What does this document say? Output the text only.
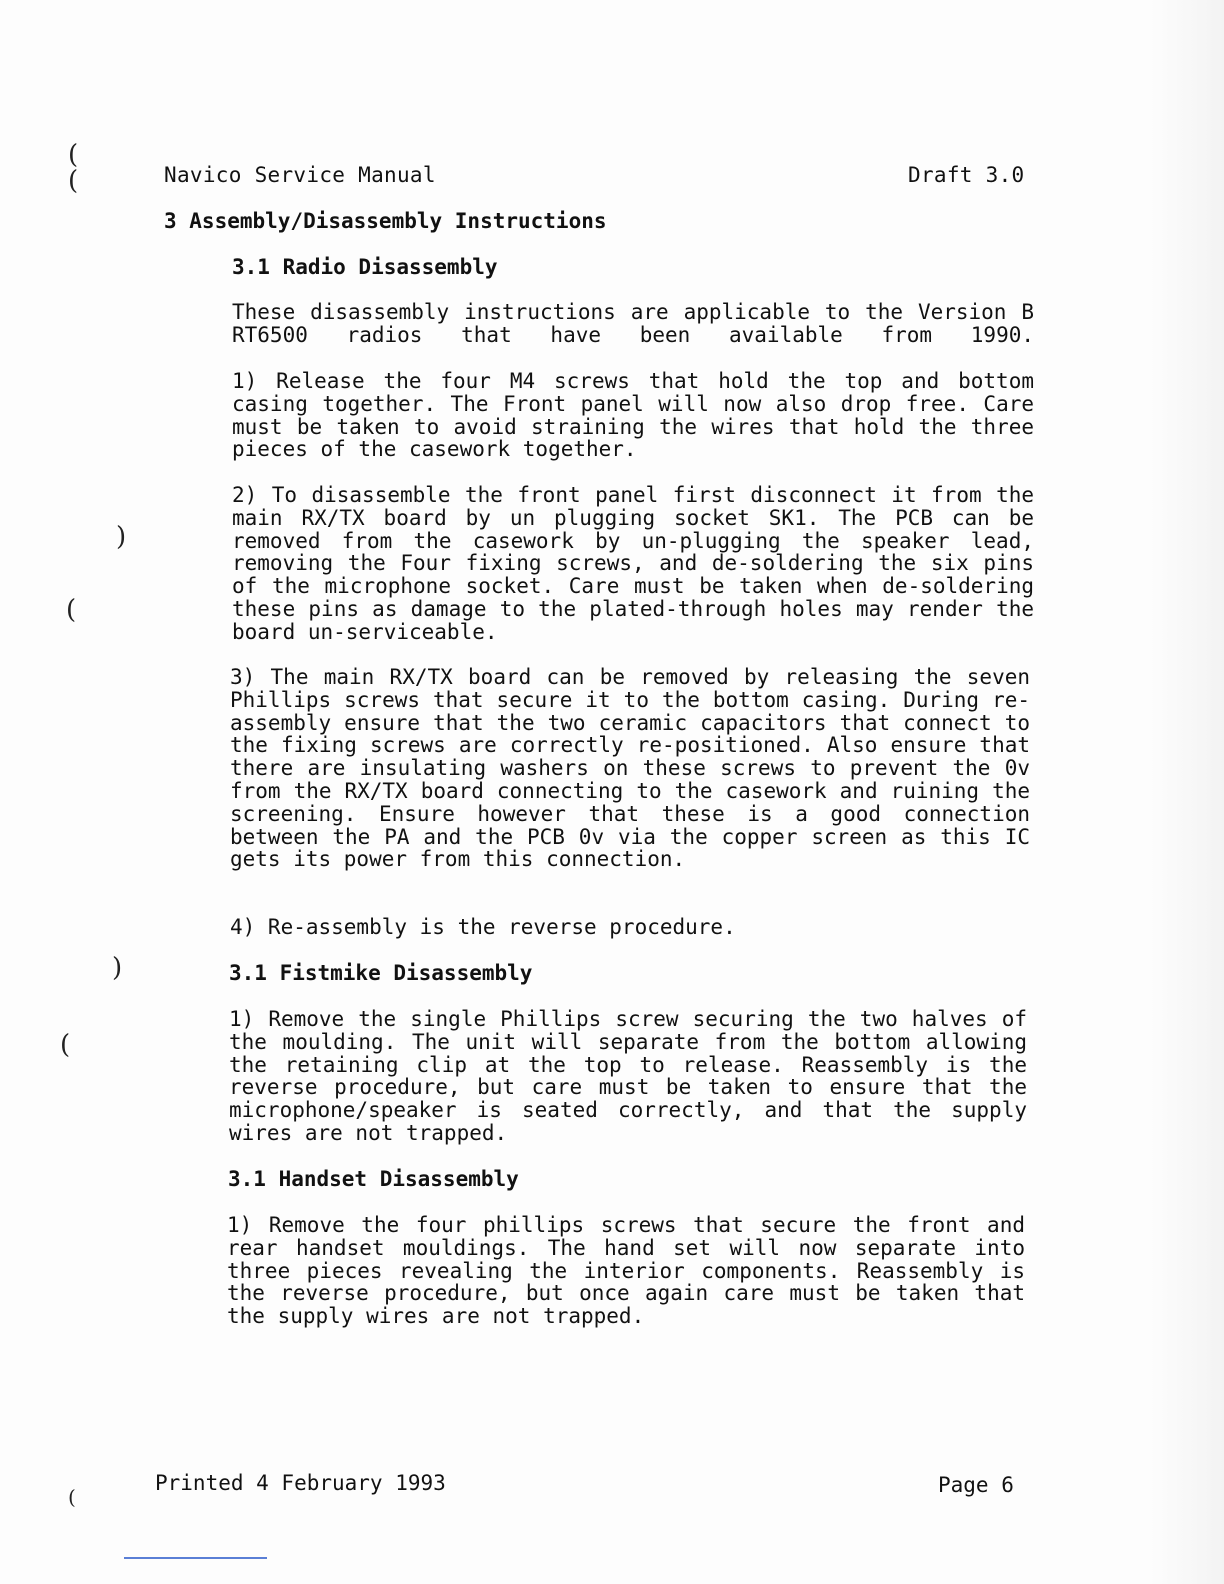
(
(
)
(
)
(
(
Navico Service Manual	Draft 3.0
3 Assembly/Disassembly Instructions
3.1 Radio Disassembly
These disassembly instructions are applicable to the Version B RT6500 radios that have been available from 1990.
1) Release the four M4 screws that hold the top and bottom casing together. The Front panel will now also drop free. Care must be taken to avoid straining the wires that hold the three pieces of the casework together.
2) To disassemble the front panel first disconnect it from the main RX/TX board by un plugging socket SK1. The PCB can be removed from the casework by un-plugging the speaker lead, removing the Four fixing screws, and de-soldering the six pins of the microphone socket. Care must be taken when de-soldering these pins as damage to the plated-through holes may render the board un-serviceable.
3) The main RX/TX board can be removed by releasing the seven Phillips screws that secure it to the bottom casing. During re-assembly ensure that the two ceramic capacitors that connect to the fixing screws are correctly re-positioned. Also ensure that there are insulating washers on these screws to prevent the 0v from the RX/TX board connecting to the casework and ruining the screening. Ensure however that these is a good connection between the PA and the PCB 0v via the copper screen as this IC gets its power from this connection.
4) Re-assembly is the reverse procedure.
3.1 Fistmike Disassembly
1) Remove the single Phillips screw securing the two halves of the moulding. The unit will separate from the bottom allowing the retaining clip at the top to release. Reassembly is the reverse procedure, but care must be taken to ensure that the microphone/speaker is seated correctly, and that the supply wires are not trapped.
3.1 Handset Disassembly
1) Remove the four phillips screws that secure the front and rear handset mouldings. The hand set will now separate into three pieces revealing the interior components. Reassembly is the reverse procedure, but once again care must be taken that the supply wires are not trapped.
Printed 4 February 1993	Page 6
